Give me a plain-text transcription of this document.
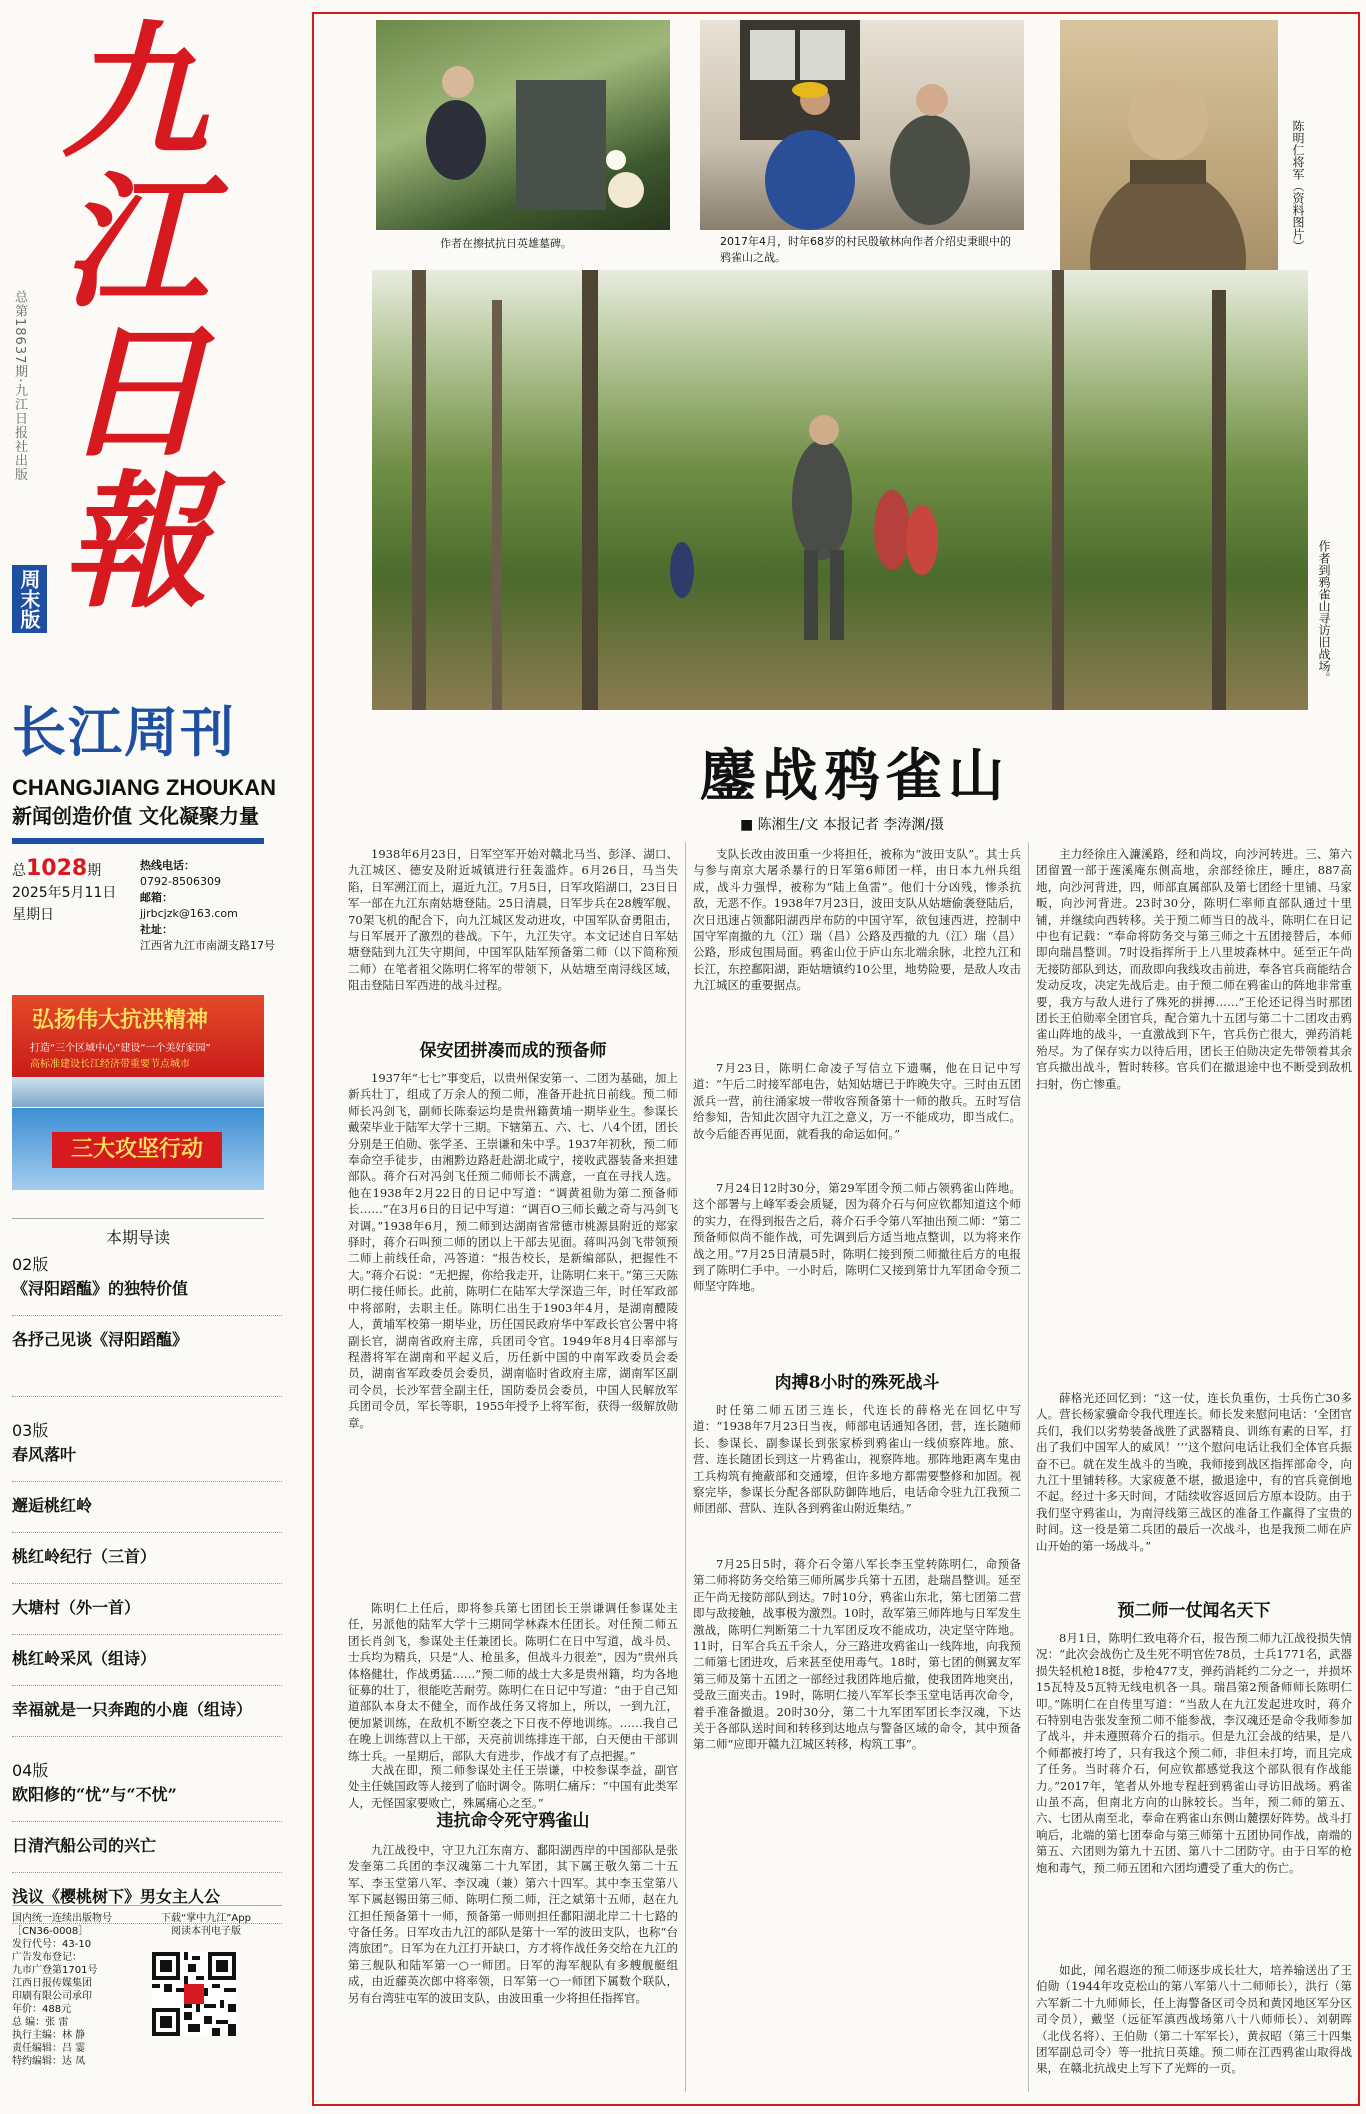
九
江
日
報
总第18637期·九江日报社出版
周末版
长江周刊
CHANGJIANG ZHOUKAN
新闻创造价值 文化凝聚力量
总1028期
2025年5月11日
星期日
热线电话：
0792-8506309
邮箱：
jjrbcjzk@163.com
社址：
江西省九江市南湖支路17号
弘扬伟大抗洪精神
打造“三个区域中心”建设“一个美好家园”
高标准建设长江经济带重要节点城市
三大攻坚行动
本期导读
02版
《浔阳蹈醢》的独特价值
各抒己见谈《浔阳蹈醢》
03版
春风落叶
邂逅桃红岭
桃红岭纪行（三首）
大塘村（外一首）
桃红岭采风（组诗）
幸福就是一只奔跑的小鹿（组诗）
04版
欧阳修的“忧”与“不忧”
日清汽船公司的兴亡
浅议《樱桃树下》男女主人公
国内统一连续出版物号
［CN36-0008］
发行代号：43-10
广告发布登记：
九市广登第1701号
江西日报传媒集团
印刷有限公司承印
年价：488元
总 编：张 雷
执行主编：林 静
责任编辑：吕 霎
特约编辑：达 凤
下载“掌中九江”App
阅读本刊电子版
作者在擦拭抗日英雄墓碑。	2017年4月，时年68岁的村民殷敏林向作者介绍史秉眼中的鸦雀山之战。
陈明仁将军（资料图片）
作者到鸦雀山寻访旧战场。
鏖战鸦雀山
■ 陈湘生/文 本报记者 李涛渊/摄

1938年6月23日，日军空军开始对赣北马当、彭泽、湖口、九江城区、德安及附近城镇进行狂轰滥炸。6月26日，马当失陷，日军溯江而上，逼近九江。7月5日，日军攻陷湖口，23日日军一部在九江东南姑塘登陆。25日清晨，日军步兵在28艘军舰、70架飞机的配合下，向九江城区发动进攻，中国军队奋勇阻击，与日军展开了激烈的巷战。下午，九江失守。本文记述自日军姑塘登陆到九江失守期间，中国军队陆军预备第二师（以下简称预二师）在笔者祖父陈明仁将军的带领下，从姑塘至南浔线区域，阻击登陆日军西进的战斗过程。

保安团拼凑而成的预备师

1937年“七七”事变后，以贵州保安第一、二团为基础，加上新兵壮丁，组成了万余人的预二师，准备开赴抗日前线。预二师师长冯剑飞，副师长陈泰运均是贵州籍黄埔一期毕业生。参谋长戴荣毕业于陆军大学十三期。下辖第五、六、七、八4个团，团长分别是王伯勋、张学圣、王崇谦和朱中孚。1937年初秋，预二师奉命空手徒步，由湘黔边路赶赴湖北咸宁，接收武器装备来担建部队。蒋介石对冯剑飞任预二师师长不满意，一直在寻找人选。他在1938年2月22日的日记中写道：“调黄祖勋为第二预备师长……”在3月6日的日记中写道：“调百O三师长戴之奇与冯剑飞对调。”1938年6月，预二师到达湖南省常德市桃源县附近的郑家驿时，蒋介石叫预二师的团以上干部去见面。蒋叫冯剑飞带领预二师上前线任命，冯答道：“报告校长，是新编部队，把握性不大。”蒋介石说：“无把握，你给我走开，让陈明仁来干。”第三天陈明仁接任师长。此前，陈明仁在陆军大学深造三年，时任军政部中将部附，去职主任。陈明仁出生于1903年4月，是湖南醴陵人，黄埔军校第一期毕业，历任国民政府华中军政长官公署中将副长官，湖南省政府主席，兵团司令官。1949年8月4日率部与程潜将军在湖南和平起义后，历任新中国的中南军政委员会委员，湖南省军政委员会委员，湖南临时省政府主席，湖南军区副司令员，长沙军营全副主任，国防委员会委员，中国人民解放军兵团司令员，军长等职，1955年授予上将军衔，获得一级解放勋章。

陈明仁上任后，即将参兵第七团团长王崇谦调任参谋处主任，另派他的陆军大学十三期同学林森木任团长。对任预二师五团长肖剑飞，参谋处主任兼团长。陈明仁在日中写道，战斗员、士兵均为精兵，只是“人、枪虽多，但战斗力很差”，因为“贵州兵体格健壮，作战勇猛……”预二师的战士大多是贵州籍，均为各地征募的壮丁，很能吃苦耐劳。陈明仁在日记中写道：“由于自己知道部队本身太不健全，而作战任务又将加上，所以，一到九江，便加紧训练，在敌机不断空袭之下日夜不停地训练。……我自己在晚上训练营以上干部，天亮前训练排连干部，白天便由干部训练士兵。一星期后，部队大有进步，作战才有了点把握。”

大战在即，预二师参谋处主任王崇谦，中校参谋李益，副官处主任姚国政等人接到了临时调令。陈明仁痛斥：“中国有此类军人，无怪国家要败亡，殊属痛心之至。”

违抗命令死守鸦雀山

九江战役中，守卫九江东南方、鄱阳湖西岸的中国部队是张发奎第二兵团的李汉魂第二十九军团，其下属王敬久第二十五军、李玉堂第八军、李汉魂（兼）第六十四军。其中李玉堂第八军下属赵锡田第三师、陈明仁预二师，汪之斌第十五师，赵在九江担任预备第十一师，预备第一师则担任鄱阳湖北岸二十七路的守备任务。日军攻击九江的部队是第十一军的波田支队，也称“台湾旅团”。日军为在九江打开缺口，方才将作战任务交给在九江的第三舰队和陆军第一○一师团。日军的海军舰队有多艘舰艇组成，由近藤英次郎中将率领，日军第一○一师团下属数个联队，另有台湾驻屯军的波田支队，由波田重一少将担任指挥官。

支队长改由波田重一少将担任，被称为“波田支队”。其士兵与参与南京大屠杀暴行的日军第6师团一样，由日本九州兵组成，战斗力强悍，被称为“陆上鱼雷”。他们十分凶残，惨杀抗敌，无恶不作。1938年7月23日，波田支队从姑塘偷袭登陆后，次日迅速占领鄱阳湖西岸布防的中国守军，欲包速西进，控制中国守军南撤的九（江）瑞（昌）公路及西撤的九（江）瑞（昌）公路，形成包围局面。鸦雀山位于庐山东北端余脉，北控九江和长江，东控鄱阳湖，距姑塘镇约10公里，地势险要，是敌人攻击九江城区的重要据点。

7月23日，陈明仁命凌子写信立下遗嘱，他在日记中写道：“午后二时接军部电告，姑知姑塘已于昨晚失守。三时由五团派兵一营，前往涌家坡一带收容预备第十一师的散兵。五时写信给参知，告知此次固守九江之意义，万一不能成功，即当成仁。故今后能否再见面，就看我的命运如何。”

7月24日12时30分，第29军团令预二师占领鸦雀山阵地。这个部署与上峰军委会质疑，因为蒋介石与何应钦都知道这个师的实力，在得到报告之后，蒋介石手令第八军抽出预二师：“第二预备师似尚不能作战，可先调到后方适当地点整训，以为将来作战之用。”7月25日清晨5时，陈明仁接到预二师撤往后方的电报到了陈明仁手中。一小时后，陈明仁又接到第廿九军团命令预二师坚守阵地。

肉搏8小时的殊死战斗

时任第二师五团三连长，代连长的薛格光在回忆中写道：“1938年7月23日当夜，师部电话通知各团，营，连长随师长、参谋长、副参谋长到张家桥到鸦雀山一线侦察阵地。旅、营、连长随团长到这一片鸦雀山，视察阵地。那阵地距离车鬼由工兵构筑有掩蔽部和交通壕，但许多地方都需要整修和加固。视察完毕，参谋长分配各部队防御阵地后，电话命令驻九江我预二师团部、营队、连队各到鸦雀山附近集结。”

7月25日5时，蒋介石令第八军长李玉堂转陈明仁，命预备第二师将防务交给第三师所属步兵第十五团，赴瑞昌整训。延至正午尚无接防部队到达。7时10分，鸦雀山东北，第七团第二营即与敌接触，战事极为激烈。10时，敌军第三师阵地与日军发生激战，陈明仁判断第二十九军团反攻不能成功，决定坚守阵地。11时，日军合兵五千余人，分三路进攻鸦雀山一线阵地，向我预二师第七团进攻，后来甚至使用毒气。18时，第七团的侧翼友军第三师及第十五团之一部经过我团阵地后撤，使我团阵地突出，受敌三面夹击。19时，陈明仁接八军军长李玉堂电话再次命令，着手准备撤退。20时30分，第二十九军团军团长李汉魂，下达关于各部队送时间和转移到达地点与警备区域的命令，其中预备第二师“应即开赣九江城区转移，构筑工事”。

主力经徐庄入濂溪路，经和尚坟，向沙河转进。三、第六团留置一部于莲溪庵东侧高地，余部经徐庄，睡庄，887高地，向沙河背进，四，师部直属部队及第七团经十里铺、马家畈，向沙河背进。23时30分，陈明仁率师直部队通过十里铺，并继续向西转移。关于预二师当日的战斗，陈明仁在日记中也有记载：“奉命将防务交与第三师之十五团接替后，本师即向瑞昌整训。7时设指挥所于上八里坡森林中。延至正午尚无接防部队到达，而敌即向我线攻击前进，奉各官兵商能结合发动反攻，决定先战后走。由于预二师在鸦雀山的阵地非常重要，我方与敌人进行了殊死的拼搏……”王伦还记得当时那团团长王伯勋率全团官兵，配合第九十五团与第二十二团攻击鸦雀山阵地的战斗，一直激战到下午，官兵伤亡很大，弹药消耗殆尽。为了保存实力以待后用，团长王伯勋决定先带领着其余官兵撤出战斗，暂时转移。官兵们在撤退途中也不断受到敌机扫射，伤亡惨重。

薛格光还回忆到：“这一仗，连长负重伤，士兵伤亡30多人。营长杨家骥命令我代理连长。师长发来慰问电话：‘全团官兵们，我们以劣势装备战胜了武器精良、训练有素的日军，打出了我们中国军人的威风！’’‘这个慰问电话让我们全体官兵振奋不已。就在发生战斗的当晚，我师接到战区指挥部命令，向九江十里铺转移。大家疲惫不堪，撤退途中，有的官兵竟倒地不起。经过十多天时间，才陆续收容返回后方原本设防。由于我们坚守鸦雀山，为南浔线第三战区的准备工作赢得了宝贵的时间。这一役是第二兵团的最后一次战斗，也是我预二师在庐山开始的第一场战斗。”

预二师一仗闻名天下

8月1日，陈明仁致电蒋介石，报告预二师九江战役损失情况：“此次会战伤亡及生死不明官佐78员，士兵1771名，武器损失轻机枪18挺，步枪477支，弹药消耗约二分之一，并损坏15瓦特及5瓦特无线电机各一具。瑞昌第2预备师师长陈明仁叩。”陈明仁在自传里写道：“当敌人在九江发起进攻时，蒋介石特别电告张发奎预二师不能参战，李汉魂还是命令我师参加了战斗，并未遵照蒋介石的指示。但是九江会战的结果，是八个师都被打垮了，只有我这个预二师，非但未打垮，而且完成了任务。当时蒋介石，何应钦都感觉我这个部队很有作战能力。”2017年，笔者从外地专程赶到鸦雀山寻访旧战场。鸦雀山虽不高，但南北方向的山脉较长。当年，预二师的第五、六、七团从南至北，奉命在鸦雀山东侧山麓摆好阵势。战斗打响后，北端的第七团奉命与第三师第十五团协同作战，南端的第五、六团则为第九十五团、第八十二团防守。由于日军的枪炮和毒气，预二师五团和六团均遭受了重大的伤亡。

如此，闻名遐迩的预二师逐步成长壮大，培养输送出了王伯勋（1944年攻克松山的第八军第八十二师师长），洪行（第六军新二十九师师长，任上海警备区司令员和黄冈地区军分区司令员），戴坚（远征军滇西战场第八十八师师长）、刘朝晖（北伐名将）、王伯勋（第二十军军长），黄叔昭（第三十四集团军副总司令）等一批抗日英雄。预二师在江西鸦雀山取得战果，在赣北抗战史上写下了光辉的一页。
